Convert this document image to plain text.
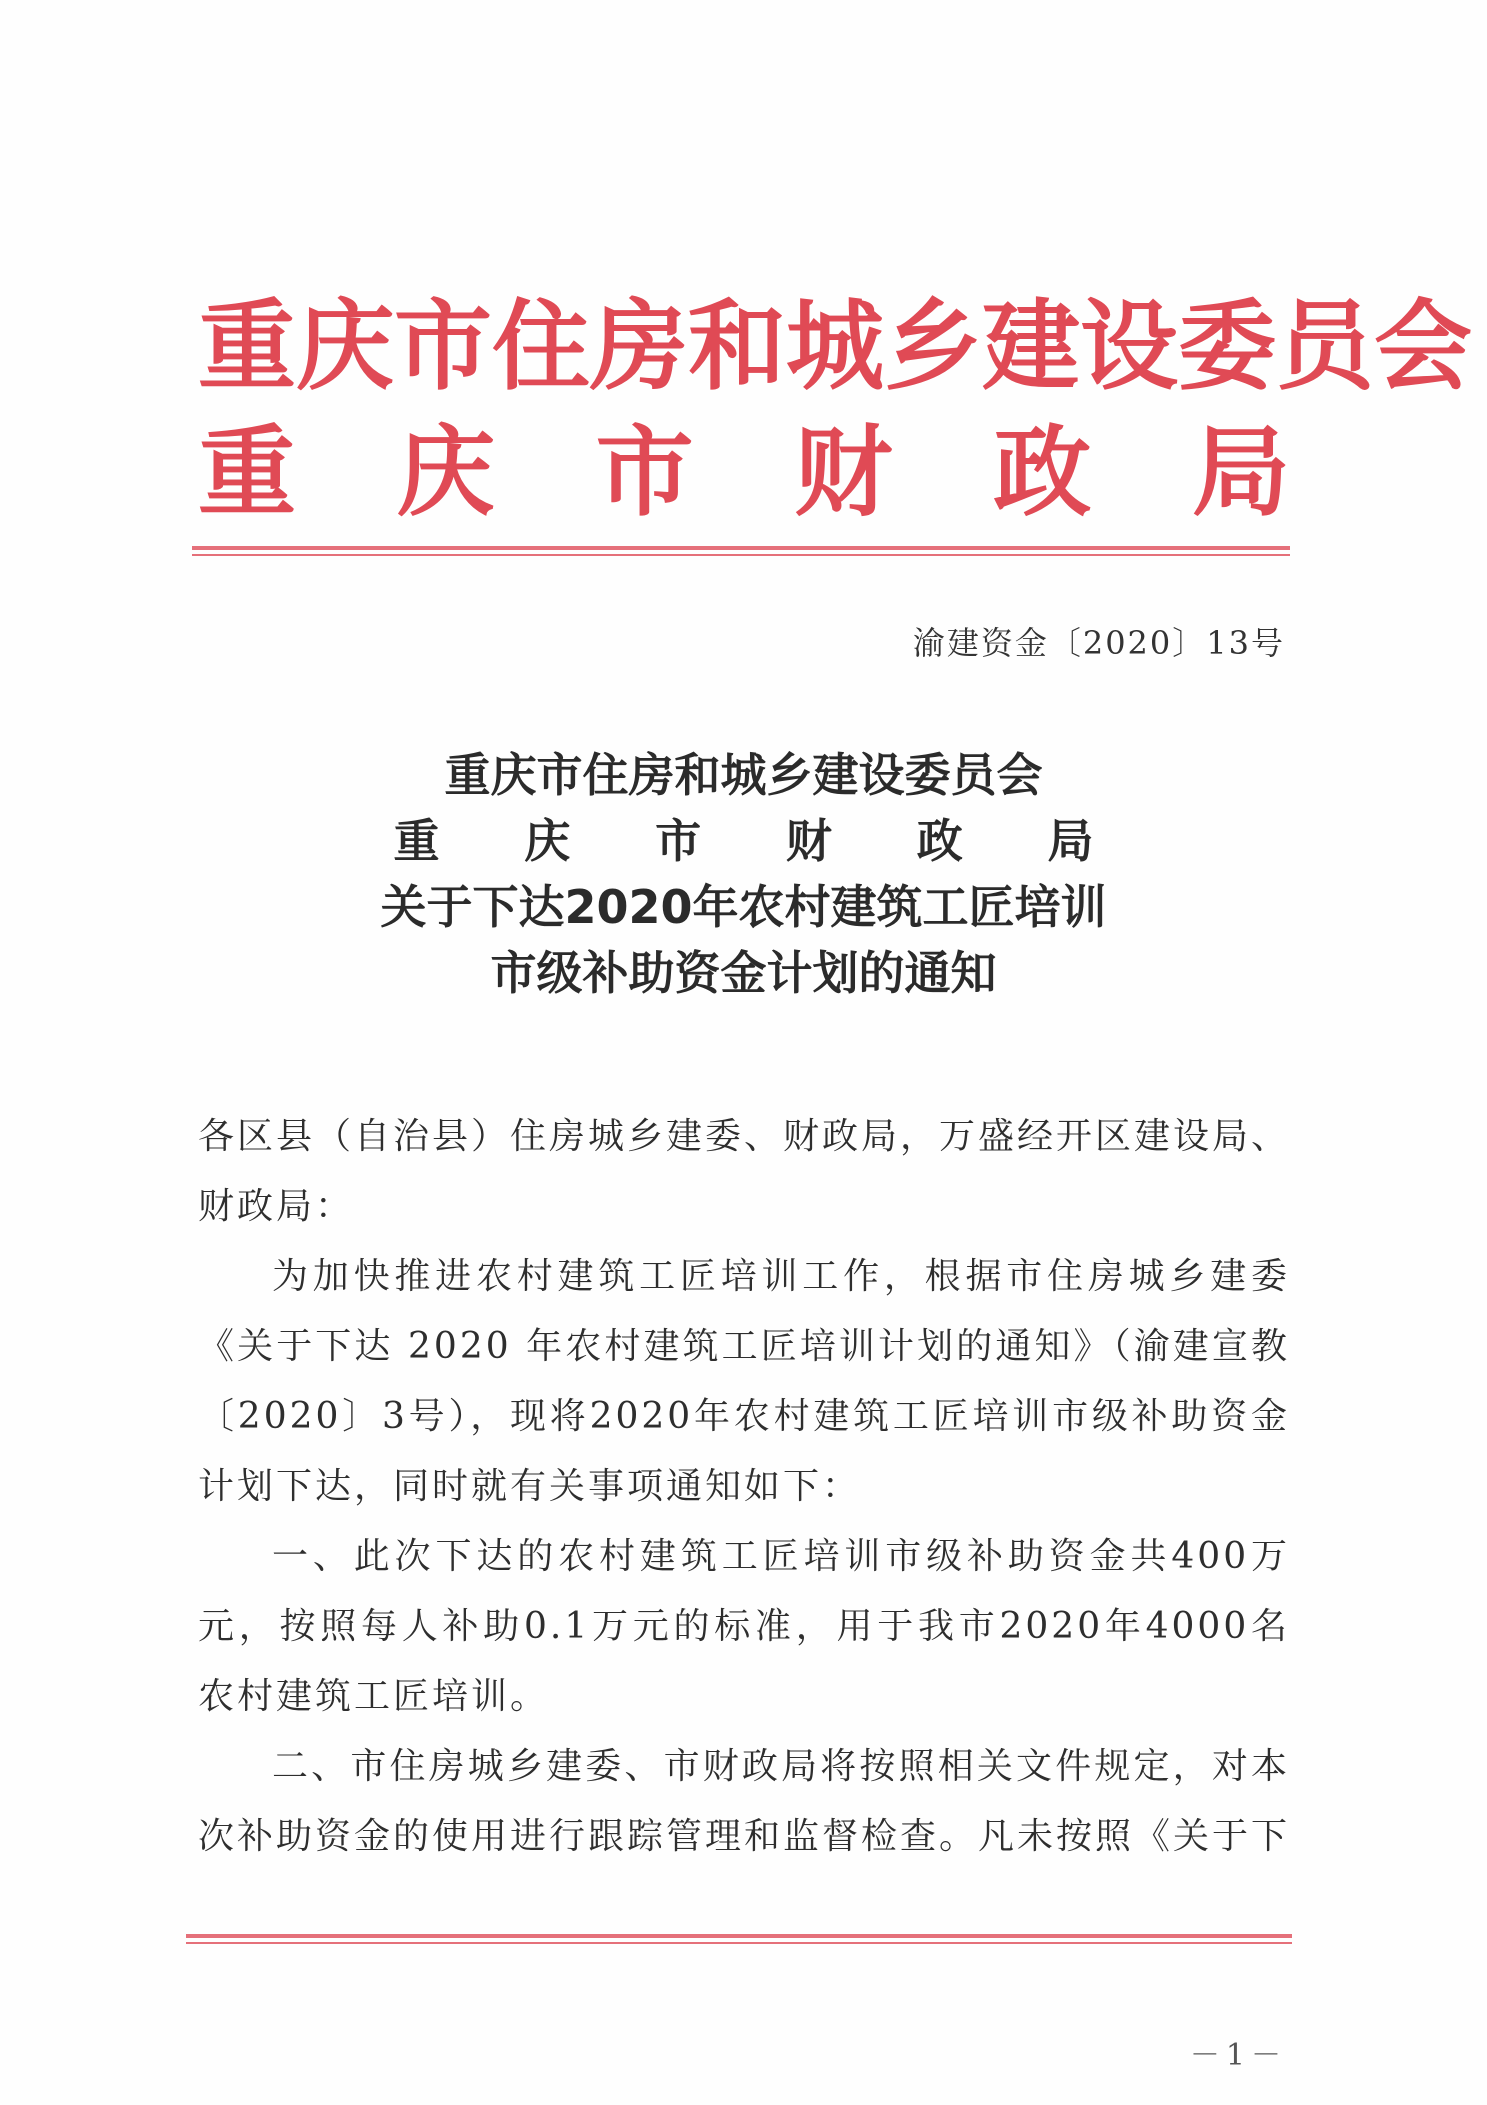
重庆市住房和城乡建设委员会
重 庆 市 财 政 局
渝建资金〔2020〕13号
重庆市住房和城乡建设委员会
重 庆 市 财 政 局
关于下达2020年农村建筑工匠培训
市级补助资金计划的通知

各区县（自治县）住房城乡建委、财政局，万盛经开区建设局、财政局：

为加快推进农村建筑工匠培训工作，根据市住房城乡建委《关于下达 2020 年农村建筑工匠培训计划的通知》（渝建宣教〔2020〕3号），现将2020年农村建筑工匠培训市级补助资金计划下达，同时就有关事项通知如下：

一、此次下达的农村建筑工匠培训市级补助资金共400万元，按照每人补助0.1万元的标准，用于我市2020年4000名农村建筑工匠培训。

二、市住房城乡建委、市财政局将按照相关文件规定，对本次补助资金的使用进行跟踪管理和监督检查。凡未按照《关于下

－1－
